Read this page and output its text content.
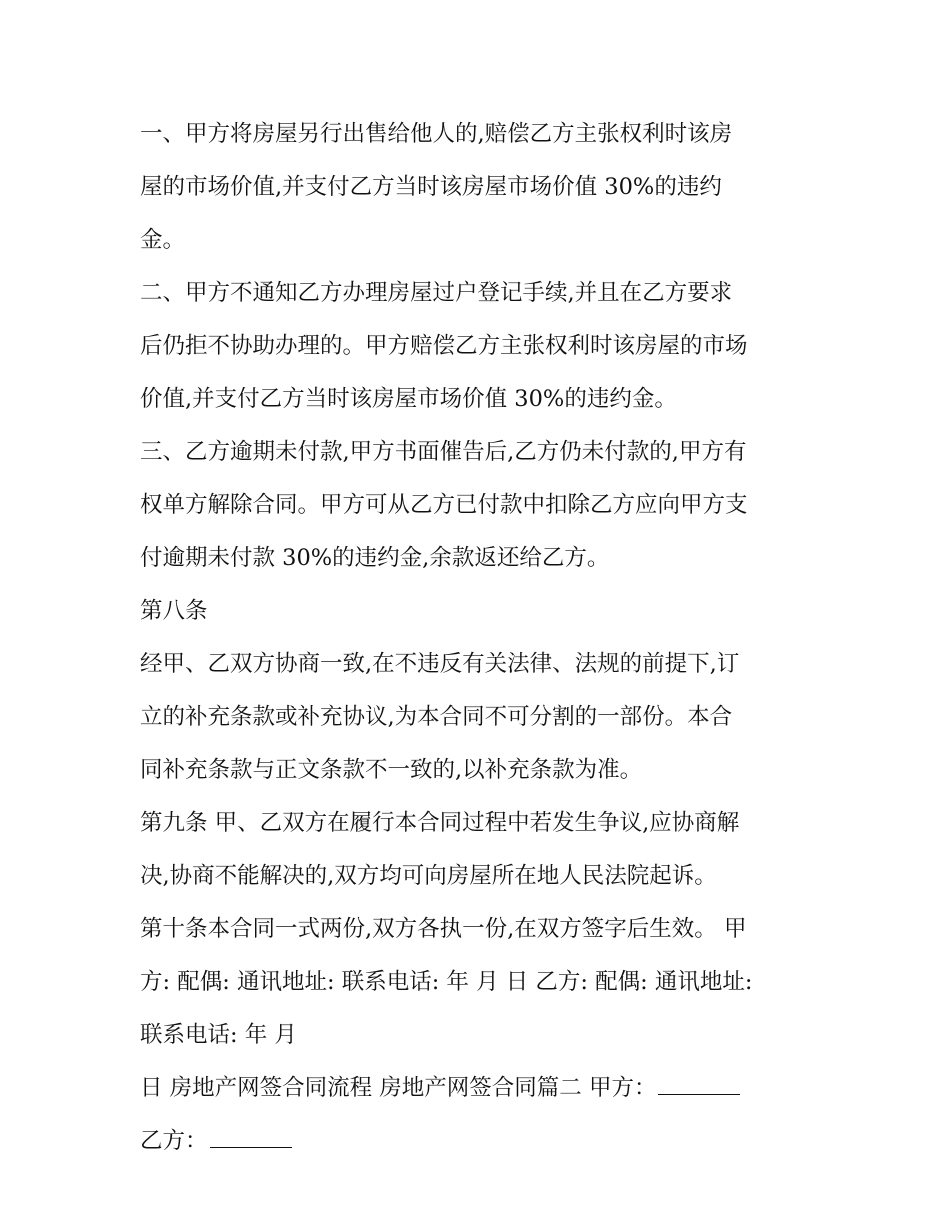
一、甲方将房屋另行出售给他人的,赔偿乙方主张权利时该房
屋的市场价值,并支付乙方当时该房屋市场价值 30%的违约
金。
二、甲方不通知乙方办理房屋过户登记手续,并且在乙方要求
后仍拒不协助办理的。甲方赔偿乙方主张权利时该房屋的市场
价值,并支付乙方当时该房屋市场价值 30%的违约金。
三、乙方逾期未付款,甲方书面催告后,乙方仍未付款的,甲方有
权单方解除合同。甲方可从乙方已付款中扣除乙方应向甲方支
付逾期未付款 30%的违约金,余款返还给乙方。
第八条
经甲、乙双方协商一致,在不违反有关法律、法规的前提下,订
立的补充条款或补充协议,为本合同不可分割的一部份。本合
同补充条款与正文条款不一致的,以补充条款为准。
第九条 甲、乙双方在履行本合同过程中若发生争议,应协商解
决,协商不能解决的,双方均可向房屋所在地人民法院起诉。
第十条本合同一式两份,双方各执一份,在双方签字后生效。 甲
方: 配偶: 通讯地址: 联系电话: 年 月 日 乙方: 配偶: 通讯地址:
联系电话: 年 月
日 房地产网签合同流程 房地产网签合同篇二 甲方：
乙方：
